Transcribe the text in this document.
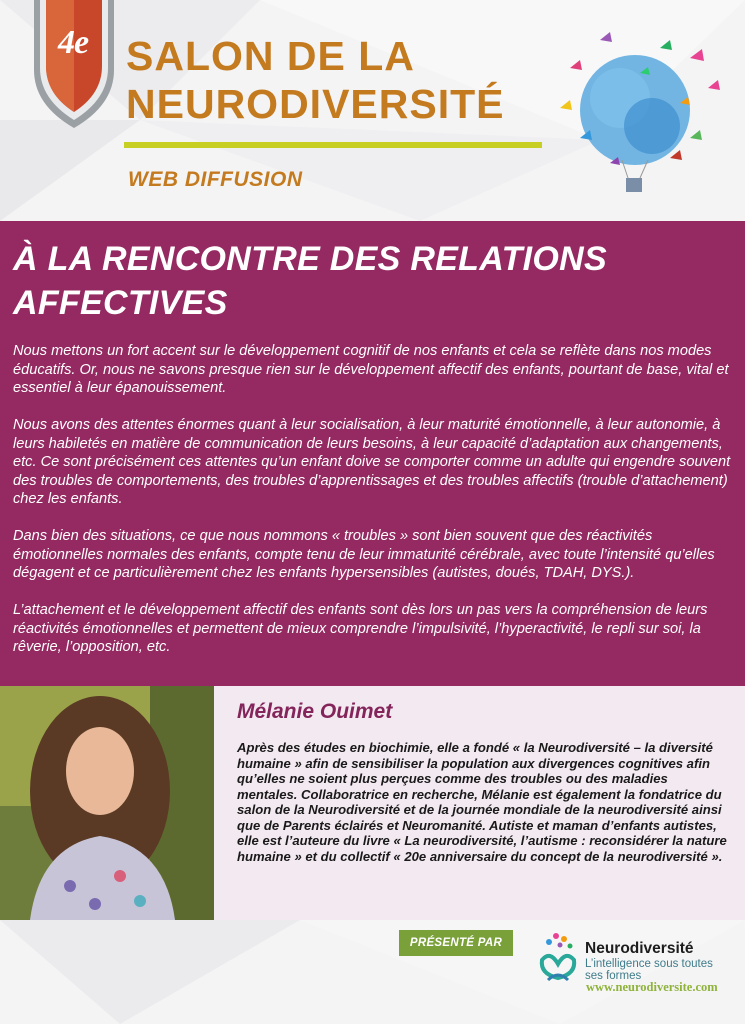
4e SALON DE LA
NEURODIVERSITÉ
WEB DIFFUSION
À LA RENCONTRE DES RELATIONS
AFFECTIVES

Nous mettons un fort accent sur le développement cognitif de nos enfants et cela se reflète dans nos modes éducatifs. Or, nous ne savons presque rien sur le développement affectif des enfants, pourtant de base, vital et essentiel à leur épanouissement.

Nous avons des attentes énormes quant à leur socialisation, à leur maturité émotionnelle, à leur autonomie, à leurs habiletés en matière de communication de leurs besoins, à leur capacité d’adaptation aux changements, etc. Ce sont précisément ces attentes qu’un enfant doive se comporter comme un adulte qui engendre souvent des troubles de comportements, des troubles d’apprentissages et des troubles affectifs (trouble d’attachement) chez les enfants.

Dans bien des situations, ce que nous nommons « troubles » sont bien souvent que des réactivités émotionnelles normales des enfants, compte tenu de leur immaturité cérébrale, avec toute l’intensité qu’elles dégagent et ce particulièrement chez les enfants hypersensibles (autistes, doués, TDAH, DYS.).

L’attachement et le développement affectif des enfants sont dès lors un pas vers la compréhension de leurs réactivités émotionnelles et permettent de mieux comprendre l’impulsivité, l’hyperactivité, le repli sur soi, la rêverie, l’opposition, etc.

Mélanie Ouimet
Après des études en biochimie, elle a fondé « la Neurodiversité – la diversité humaine » afin de sensibiliser la population aux divergences cognitives afin qu’elles ne soient plus perçues comme des troubles ou des maladies mentales. Collaboratrice en recherche, Mélanie est également la fondatrice du salon de la Neurodiversité et de la journée mondiale de la neurodiversité ainsi que de Parents éclairés et Neuromanité. Autiste et maman d’enfants autistes, elle est l’auteure du livre « La neurodiversité, l’autisme : reconsidérer la nature humaine » et du collectif « 20e anniversaire du concept de la neurodiversité ».
PRÉSENTÉ PAR	Neurodiversité
L’intelligence sous toutes ses formes
www.neurodiversite.com
